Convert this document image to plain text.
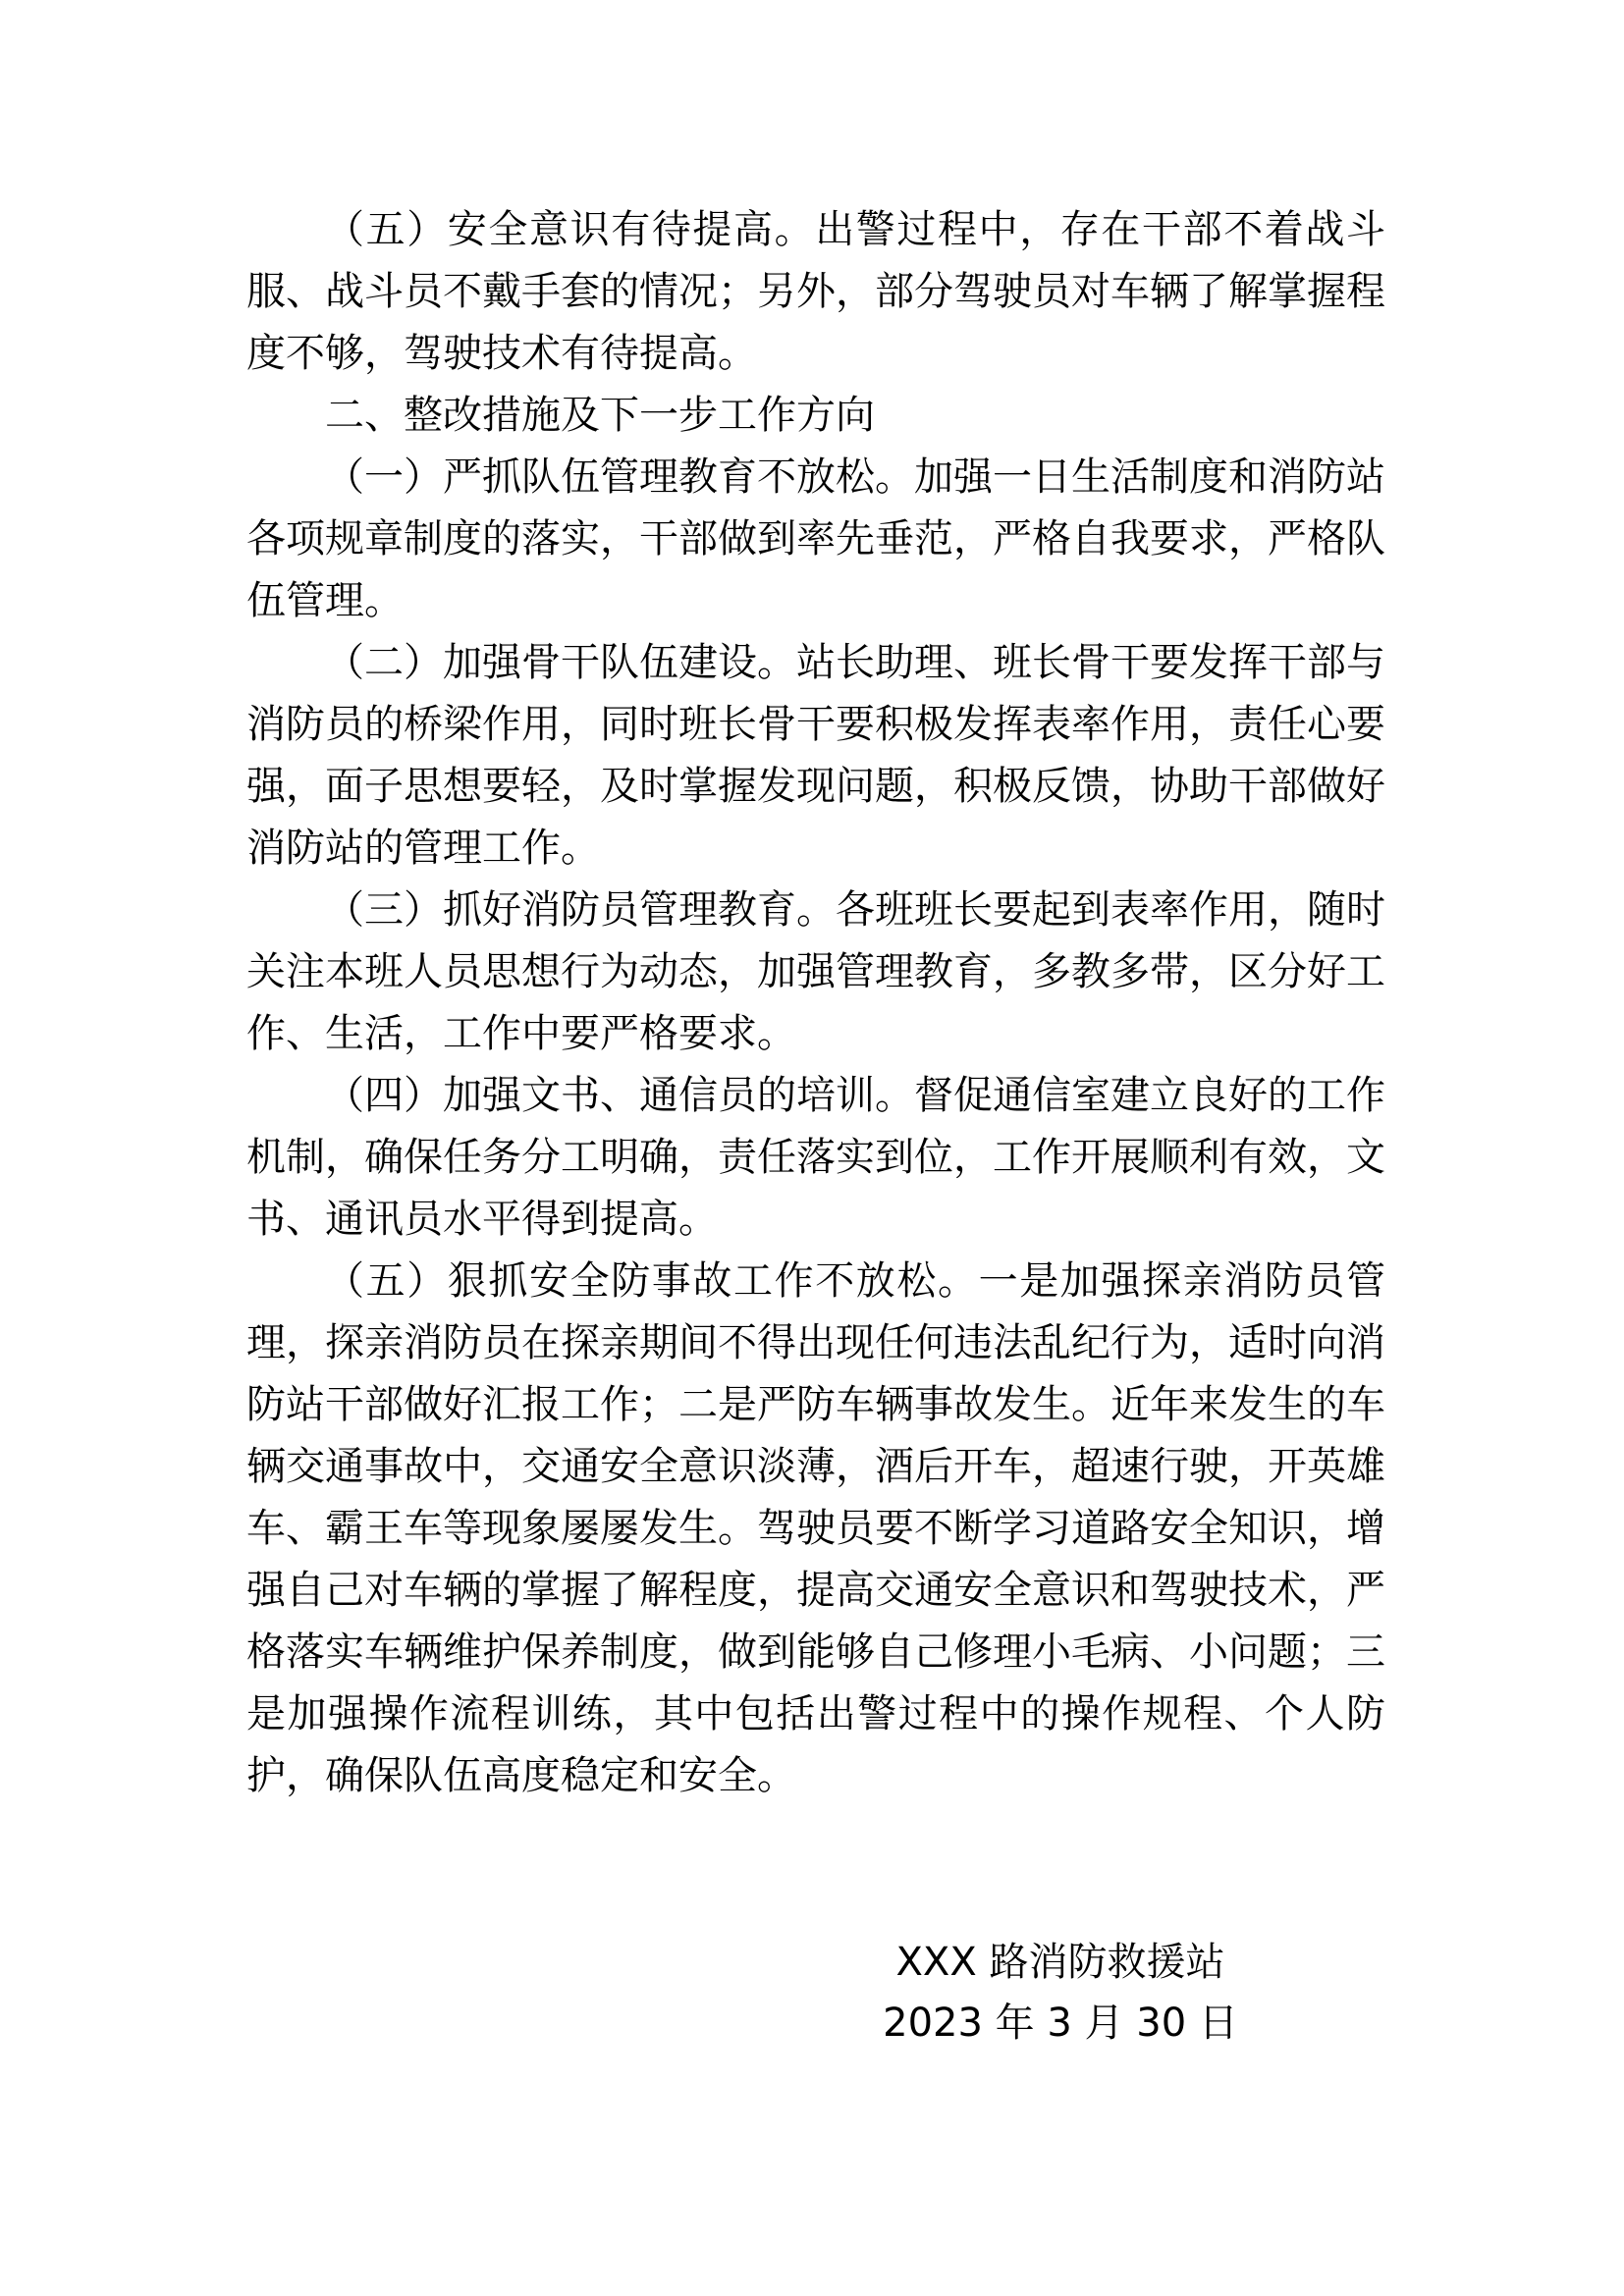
（五）安全意识有待提高。出警过程中，存在干部不着战斗服、战斗员不戴手套的情况；另外，部分驾驶员对车辆了解掌握程度不够，驾驶技术有待提高。

二、整改措施及下一步工作方向

（一）严抓队伍管理教育不放松。加强一日生活制度和消防站各项规章制度的落实，干部做到率先垂范，严格自我要求，严格队伍管理。

（二）加强骨干队伍建设。站长助理、班长骨干要发挥干部与消防员的桥梁作用，同时班长骨干要积极发挥表率作用，责任心要强，面子思想要轻，及时掌握发现问题，积极反馈，协助干部做好消防站的管理工作。

（三）抓好消防员管理教育。各班班长要起到表率作用，随时关注本班人员思想行为动态，加强管理教育，多教多带，区分好工作、生活，工作中要严格要求。

（四）加强文书、通信员的培训。督促通信室建立良好的工作机制，确保任务分工明确，责任落实到位，工作开展顺利有效，文书、通讯员水平得到提高。

（五）狠抓安全防事故工作不放松。一是加强探亲消防员管理，探亲消防员在探亲期间不得出现任何违法乱纪行为，适时向消防站干部做好汇报工作；二是严防车辆事故发生。近年来发生的车辆交通事故中，交通安全意识淡薄，酒后开车，超速行驶，开英雄车、霸王车等现象屡屡发生。驾驶员要不断学习道路安全知识，增强自己对车辆的掌握了解程度，提高交通安全意识和驾驶技术，严格落实车辆维护保养制度，做到能够自己修理小毛病、小问题；三是加强操作流程训练，其中包括出警过程中的操作规程、个人防护，确保队伍高度稳定和安全。

XXX 路消防救援站
2023 年 3 月 30 日
